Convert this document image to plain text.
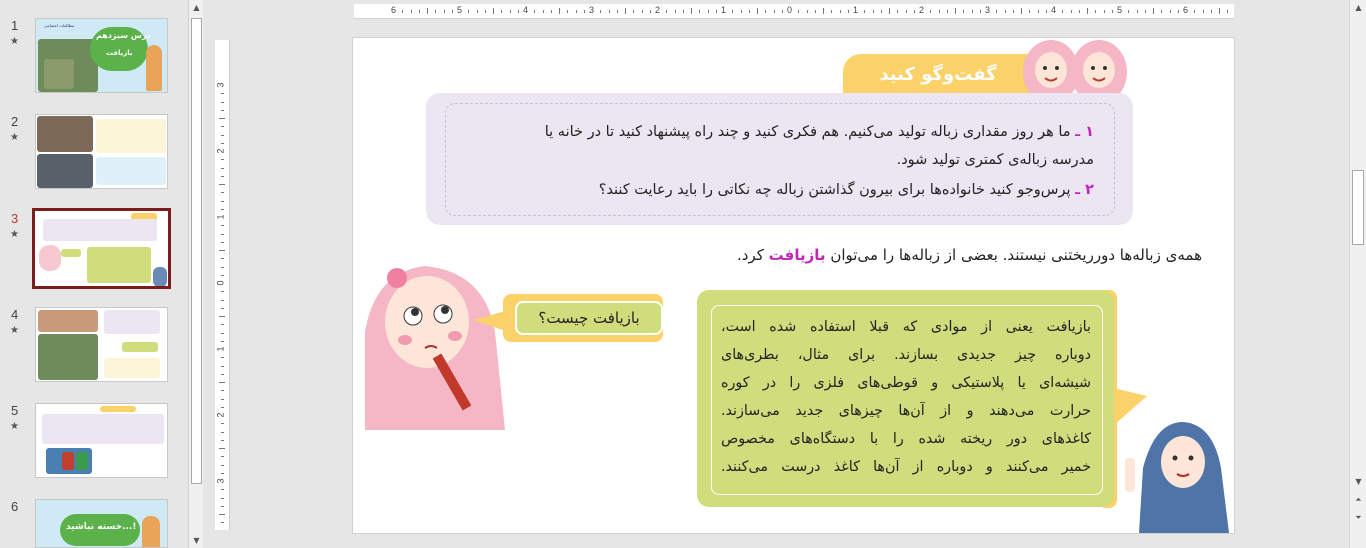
1
★
درس سیزدهم
بازیافت
مطالعات اجتماعی
2
★
3
★
4
★
5
★
6
خسته نباشید...!
▲
▼
6	5	4	3	2	1	0	1	2	3	4	5	6
3
2
1
0
1
2
3
گفت‌وگو کنید
۱ ـ ما هر روز مقداری زباله تولید می‌کنیم. هم فکری کنید و چند راه پیشنهاد کنید تا در خانه یا
مدرسه زباله‌ی کمتری تولید شود.
۲ ـ پرس‌وجو کنید خانواده‌ها برای بیرون گذاشتن زباله چه نکاتی را باید رعایت کنند؟
همه‌ی زباله‌ها دورریختنی نیستند. بعضی از زباله‌ها را می‌توان بازیافت کرد.
بازیافت چیست؟	بازیافت یعنی از موادی که قبلا استفاده شده است،
دوباره چیز جدیدی بسازند. برای مثال، بطری‌های
شیشه‌ای یا پلاستیکی و قوطی‌های فلزی را در کوره
حرارت می‌دهند و از آن‌ها چیزهای جدید می‌سازند.
کاغذهای دور ریخته شده را با دستگاه‌های مخصوص
خمیر می‌کنند و دوباره از آن‌ها کاغذ درست می‌کنند.
▲
▼
⏶
⏷
